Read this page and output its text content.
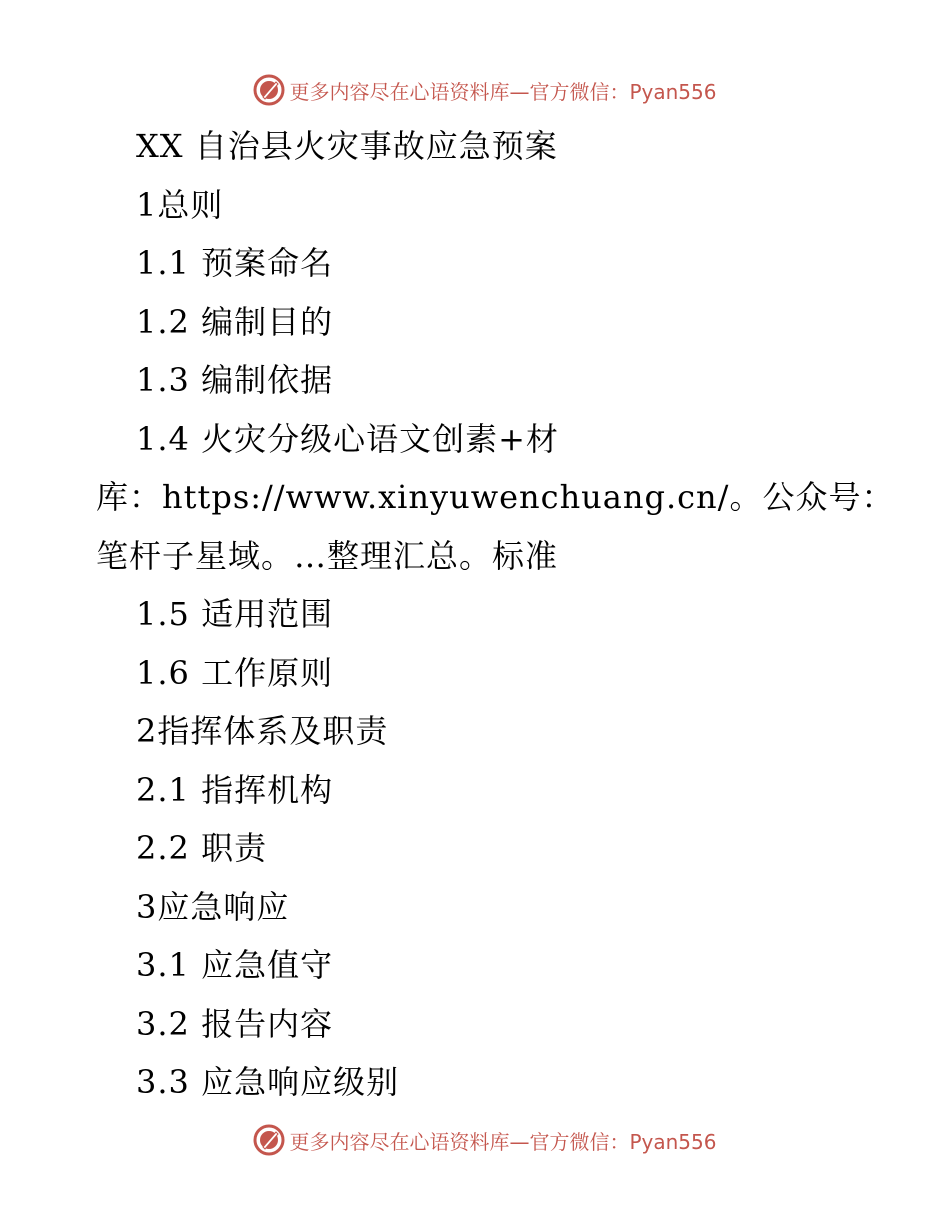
更多内容尽在心语资料库—官方微信：Pyan556
XX 自治县火灾事故应急预案
1总则
1.1 预案命名
1.2 编制目的
1.3 编制依据
1.4 火灾分级心语文创素+材
库：https://www.xinyuwenchuang.cn/。公众号：
笔杆子星域。…整理汇总。标准
1.5 适用范围
1.6 工作原则
2指挥体系及职责
2.1 指挥机构
2.2 职责
3应急响应
3.1 应急值守
3.2 报告内容
3.3 应急响应级别
更多内容尽在心语资料库—官方微信：Pyan556
